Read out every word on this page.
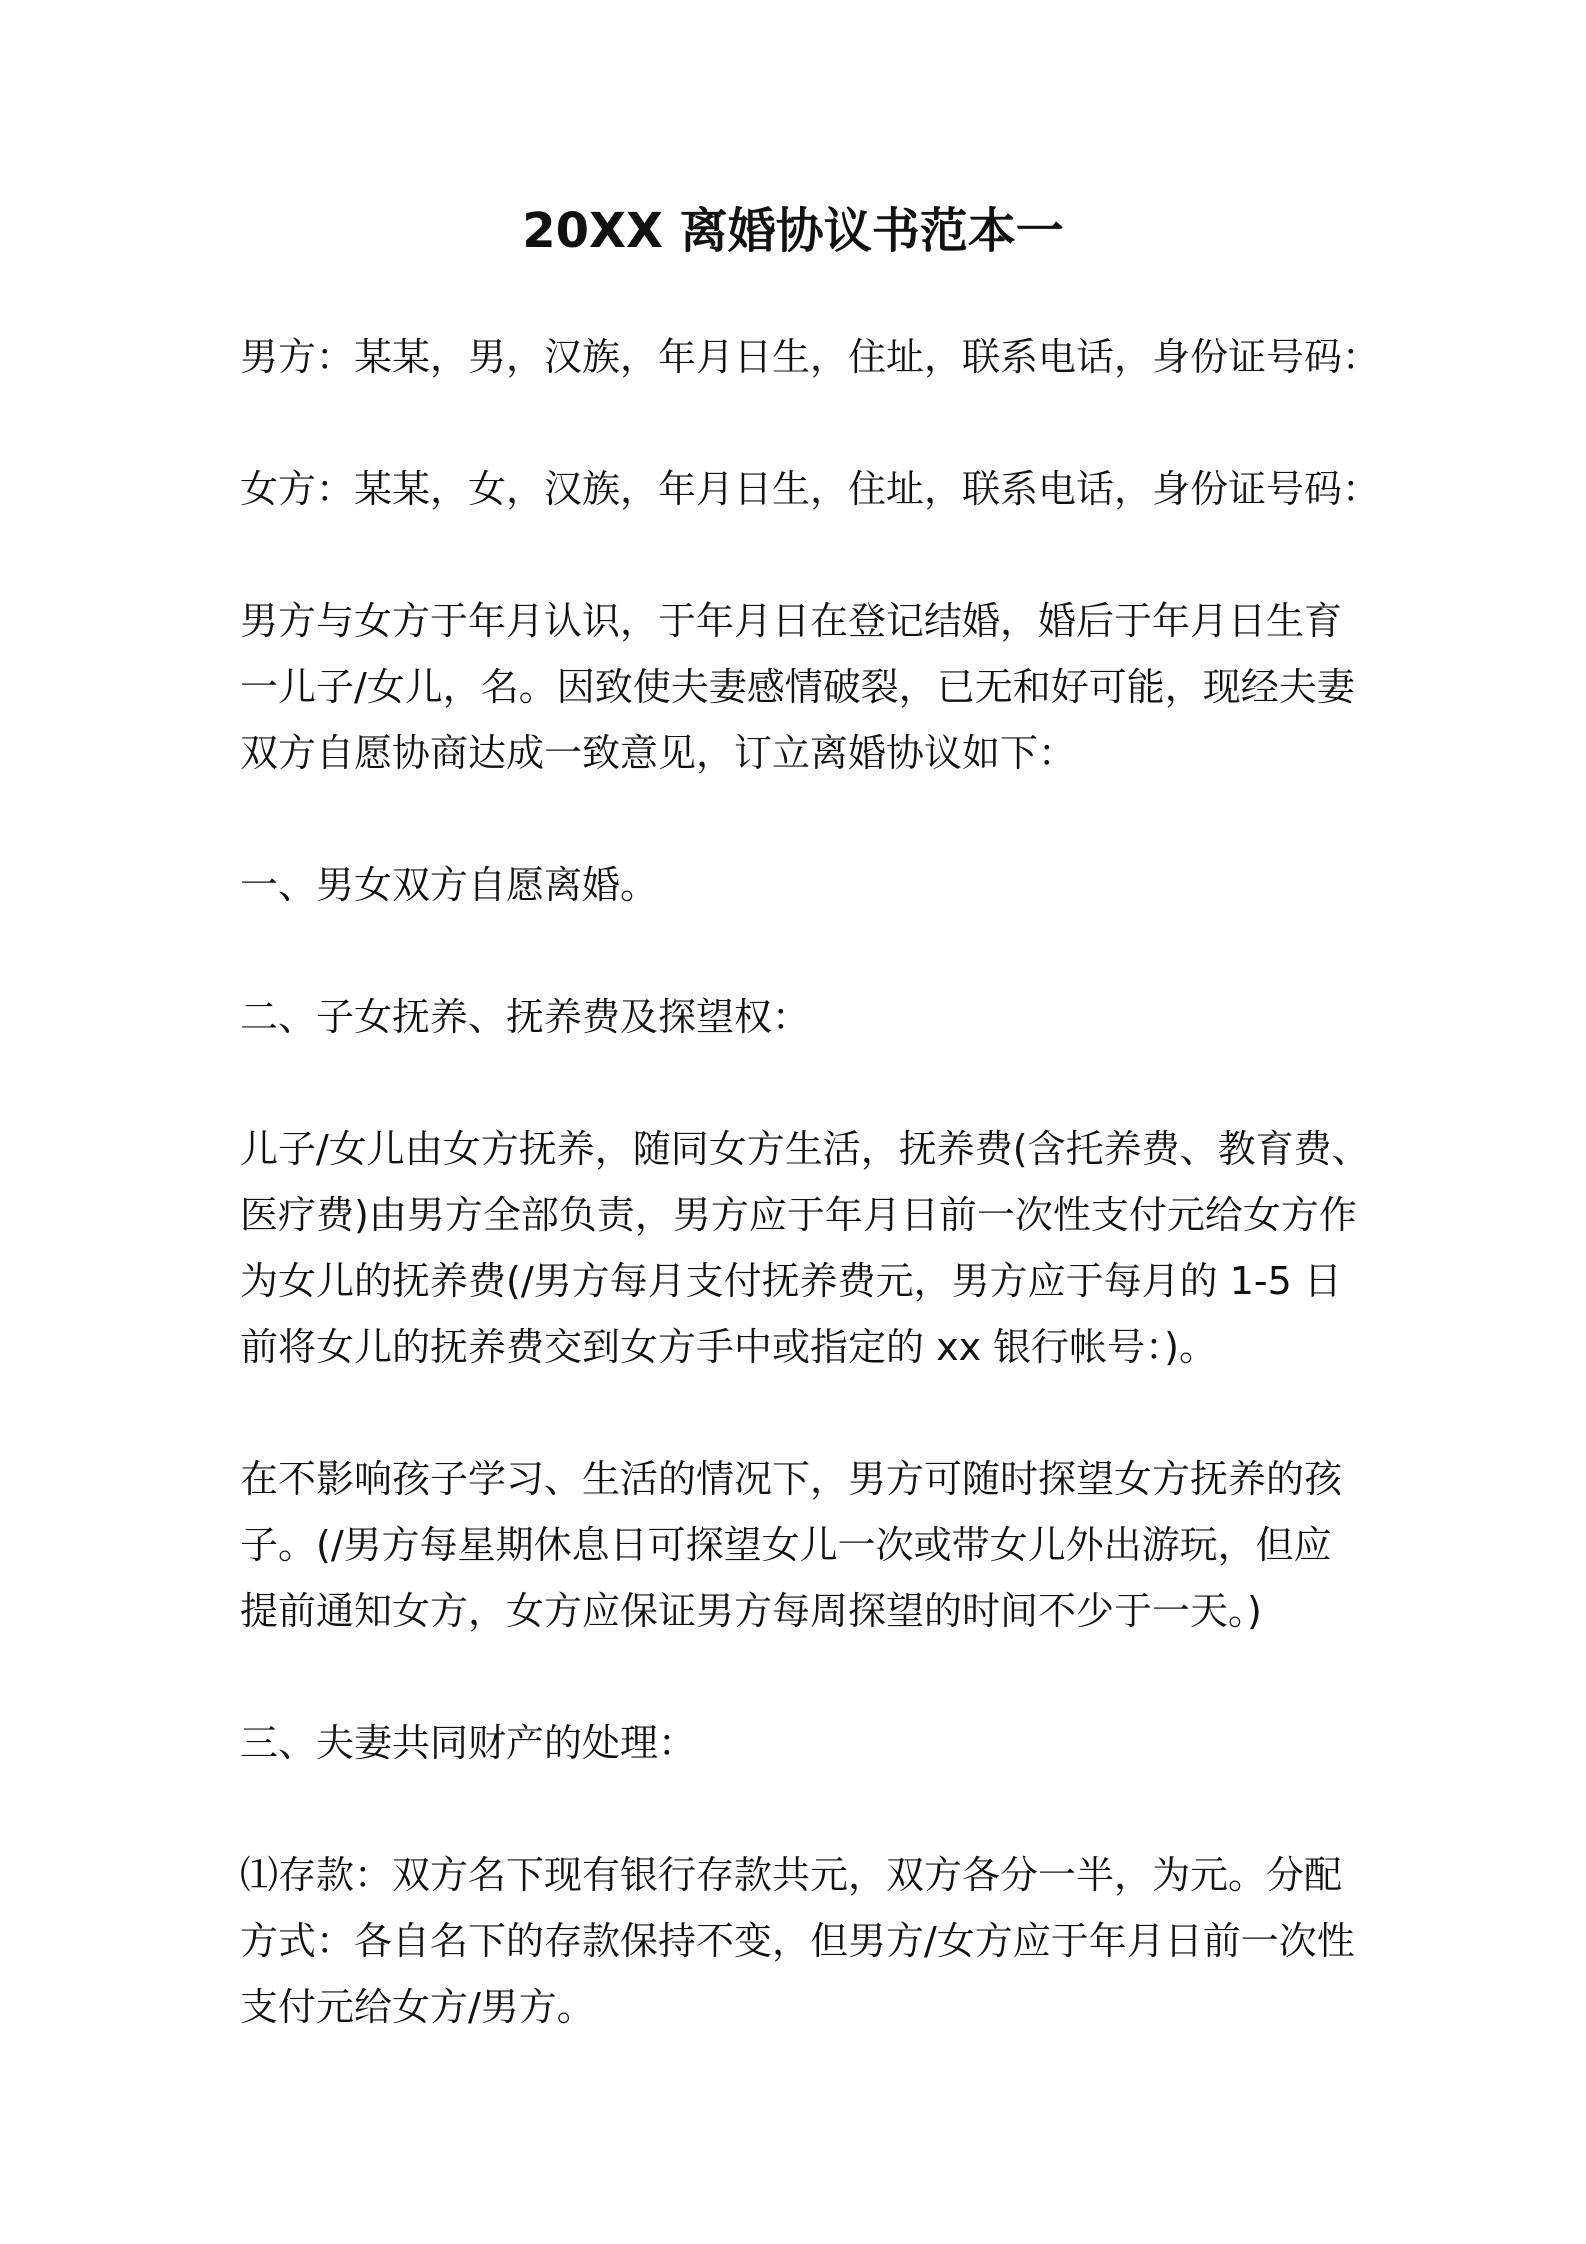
20XX 离婚协议书范本一

男方：某某，男，汉族，年月日生，住址，联系电话，身份证号码：

女方：某某，女，汉族，年月日生，住址，联系电话，身份证号码：

男方与女方于年月认识，于年月日在登记结婚，婚后于年月日生育
一儿子/女儿，名。因致使夫妻感情破裂，已无和好可能，现经夫妻
双方自愿协商达成一致意见，订立离婚协议如下：

一、男女双方自愿离婚。

二、子女抚养、抚养费及探望权：

儿子/女儿由女方抚养，随同女方生活，抚养费(含托养费、教育费、
医疗费)由男方全部负责，男方应于年月日前一次性支付元给女方作
为女儿的抚养费(/男方每月支付抚养费元，男方应于每月的 1-5 日
前将女儿的抚养费交到女方手中或指定的 xx 银行帐号：)。

在不影响孩子学习、生活的情况下，男方可随时探望女方抚养的孩
子。(/男方每星期休息日可探望女儿一次或带女儿外出游玩，但应
提前通知女方，女方应保证男方每周探望的时间不少于一天。)

三、夫妻共同财产的处理：

⑴存款：双方名下现有银行存款共元，双方各分一半，为元。分配
方式：各自名下的存款保持不变，但男方/女方应于年月日前一次性
支付元给女方/男方。
